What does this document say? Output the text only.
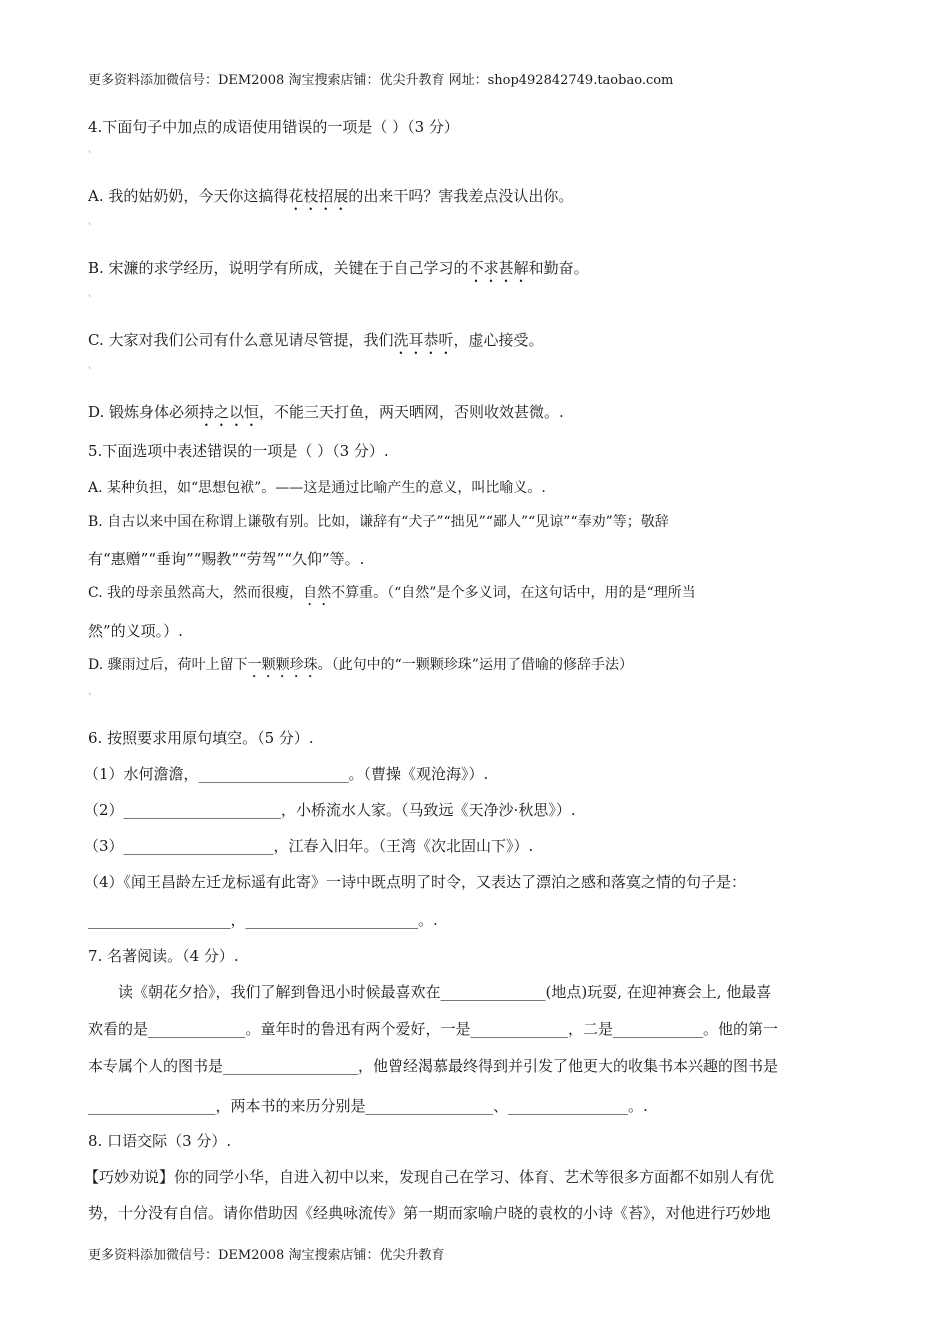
更多资料添加微信号：DEM2008 淘宝搜索店铺：优尖升教育 网址：shop492842749.taobao.com
4.下面句子中加点的成语使用错误的一项是（ ）（3 分）
、
A. 我的姑奶奶，今天你这搞得花枝招展的出来干吗？害我差点没认出你。
、
B. 宋濂的求学经历，说明学有所成，关键在于自己学习的不求甚解和勤奋。
、
C. 大家对我们公司有什么意见请尽管提，我们洗耳恭听，虚心接受。
、
D. 锻炼身体必须持之以恒，不能三天打鱼，两天晒网，否则收效甚微。.
5.下面选项中表述错误的一项是（ ）（3 分）.
A. 某种负担，如“思想包袱”。——这是通过比喻产生的意义，叫比喻义。.
B. 自古以来中国在称谓上谦敬有别。比如，谦辞有“犬子”“拙见”“鄙人”“见谅”“奉劝”等；敬辞
有“惠赠”“垂询”“赐教”“劳驾”“久仰”等。.
C. 我的母亲虽然高大，然而很瘦，自然不算重。（“自然”是个多义词，在这句话中，用的是“理所当
然”的义项。）.
D. 骤雨过后，荷叶上留下一颗颗珍珠。（此句中的“一颗颗珍珠”运用了借喻的修辞手法）
、
6. 按照要求用原句填空。（5 分）.
（1）水何澹澹，____________________。（曹操《观沧海》）.
（2）_____________________，小桥流水人家。（马致远《天净沙·秋思》）.
（3）____________________，江春入旧年。（王湾《次北固山下》）.
（4）《闻王昌龄左迁龙标遥有此寄》一诗中既点明了时令，又表达了漂泊之感和落寞之情的句子是：
___________________，_______________________。.
7. 名著阅读。（4 分）.
读《朝花夕拾》，我们了解到鲁迅小时候最喜欢在______________(地点)玩耍, 在迎神赛会上, 他最喜
欢看的是_____________。童年时的鲁迅有两个爱好，一是_____________，二是____________。他的第一
本专属个人的图书是__________________，他曾经渴慕最终得到并引发了他更大的收集书本兴趣的图书是
_________________，两本书的来历分别是_________________、________________。.
8. 口语交际（3 分）.
【巧妙劝说】你的同学小华，自进入初中以来，发现自己在学习、体育、艺术等很多方面都不如别人有优
势，十分没有自信。请你借助因《经典咏流传》第一期而家喻户晓的袁枚的小诗《苔》，对他进行巧妙地
更多资料添加微信号：DEM2008 淘宝搜索店铺：优尖升教育
